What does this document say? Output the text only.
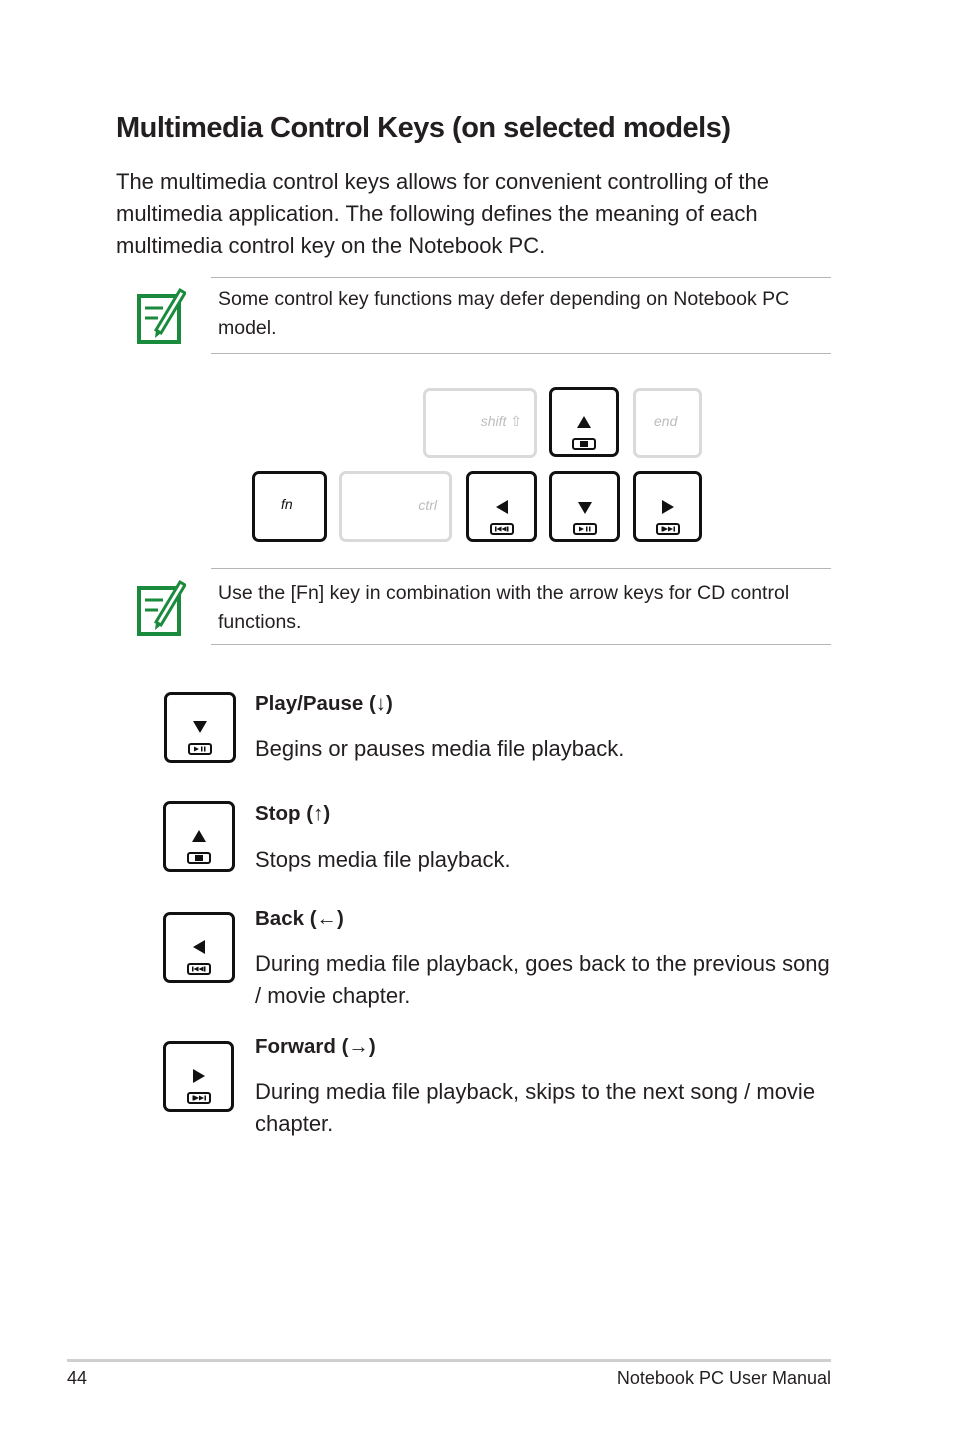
Multimedia Control Keys (on selected models)

The multimedia control keys allows for convenient controlling of the multimedia application. The following defines the meaning of each multimedia control key on the Notebook PC.

Some control key functions may defer depending on Notebook PC model.
shift ⇧	end
fn	ctrl
Use the [Fn] key in combination with the arrow keys for CD control functions.
Play/Pause (↓)
Begins or pauses media file playback.
Stop (↑)
Stops media file playback.
Back (←)
During media file playback, goes back to the previous song / movie chapter.
Forward (→)
During media file playback, skips to the next song / movie chapter.
44	Notebook PC User Manual
